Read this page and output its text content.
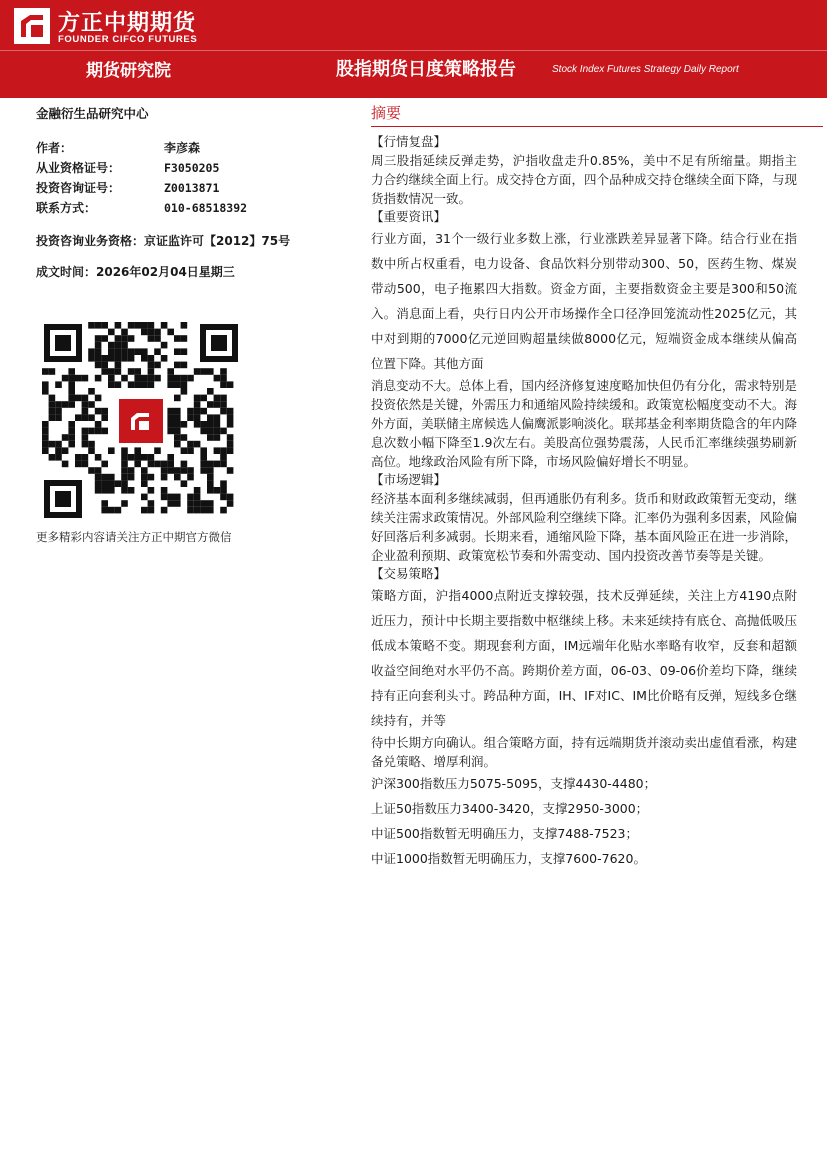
方正中期期货
FOUNDER CIFCO FUTURES
期货研究院	股指期货日度策略报告	Stock Index Futures Strategy Daily Report
金融衍生品研究中心
作者：	李彦森
从业资格证号：	F3050205
投资咨询证号：	Z0013871
联系方式：	010-68518392
投资咨询业务资格：京证监许可【2012】75号
成文时间：2026年02月04日星期三
更多精彩内容请关注方正中期官方微信
摘要
【行情复盘】
周三股指延续反弹走势，沪指收盘走升0.85%，美中不足有所缩量。期指主力合约继续全面上行。成交持仓方面，四个品种成交持仓继续全面下降，与现货指数情况一致。
【重要资讯】
行业方面，31个一级行业多数上涨，行业涨跌差异显著下降。结合行业在指数中所占权重看，电力设备、食品饮料分别带动300、50，医药生物、煤炭带动500，电子拖累四大指数。资金方面，主要指数资金主要是300和50流入。消息面上看，央行日内公开市场操作全口径净回笼流动性2025亿元，其中对到期的7000亿元逆回购超量续做8000亿元，短端资金成本继续从偏高位置下降。其他方面
消息变动不大。总体上看，国内经济修复速度略加快但仍有分化，需求特别是投资依然是关键，外需压力和通缩风险持续缓和。政策宽松幅度变动不大。海外方面，美联储主席候选人偏鹰派影响淡化。联邦基金利率期货隐含的年内降息次数小幅下降至1.9次左右。美股高位强势震荡，人民币汇率继续强势刷新高位。地缘政治风险有所下降，市场风险偏好增长不明显。
【市场逻辑】
经济基本面利多继续减弱，但再通胀仍有利多。货币和财政政策暂无变动，继续关注需求政策情况。外部风险利空继续下降。汇率仍为强利多因素，风险偏好回落后利多减弱。长期来看，通缩风险下降，基本面风险正在进一步消除，企业盈利预期、政策宽松节奏和外需变动、国内投资改善节奏等是关键。
【交易策略】
策略方面，沪指4000点附近支撑较强，技术反弹延续，关注上方4190点附近压力，预计中长期主要指数中枢继续上移。未来延续持有底仓、高抛低吸压低成本策略不变。期现套利方面，IM远端年化贴水率略有收窄，反套和超额收益空间绝对水平仍不高。跨期价差方面，06-03、09-06价差均下降，继续持有正向套利头寸。跨品种方面，IH、IF对IC、IM比价略有反弹，短线多仓继续持有，并等
待中长期方向确认。组合策略方面，持有远端期货并滚动卖出虚值看涨，构建备兑策略、增厚利润。
沪深300指数压力5075-5095，支撑4430-4480；
上证50指数压力3400-3420，支撑2950-3000；
中证500指数暂无明确压力，支撑7488-7523；
中证1000指数暂无明确压力，支撑7600-7620。
